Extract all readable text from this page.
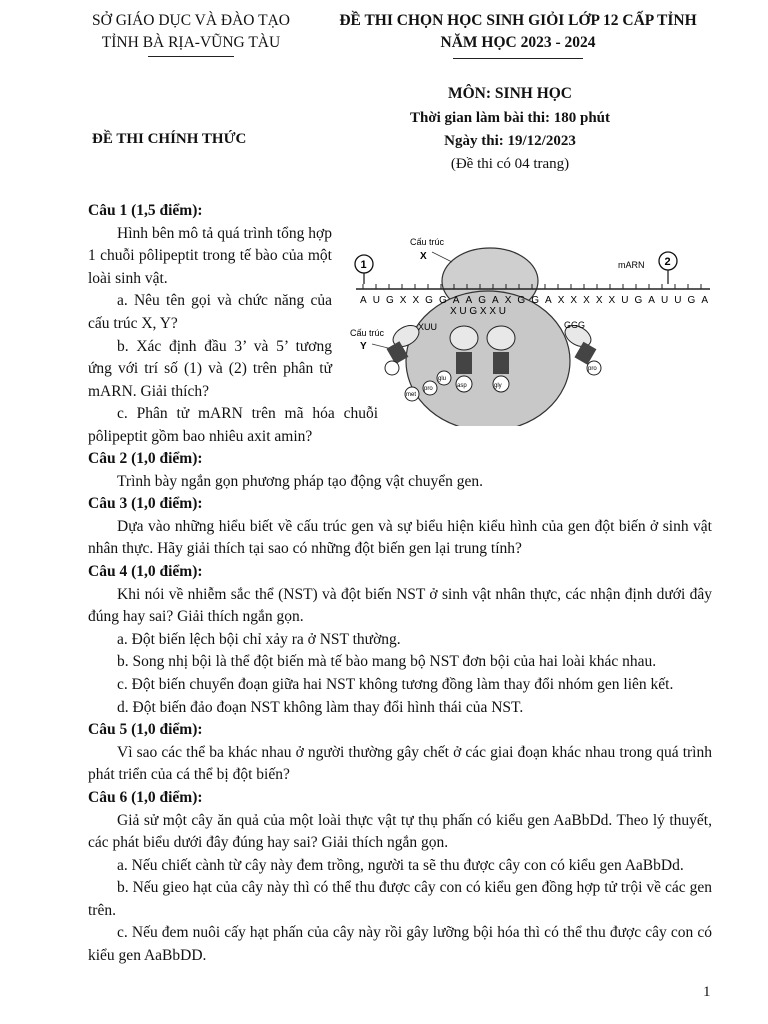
SỞ GIÁO DỤC VÀ ĐÀO TẠO
TỈNH BÀ RỊA-VŨNG TÀU
ĐỀ THI CHỌN HỌC SINH GIỎI LỚP 12 CẤP TỈNH
NĂM HỌC 2023 - 2024
ĐỀ THI CHÍNH THỨC
MÔN: SINH HỌC
Thời gian làm bài thi: 180 phút
Ngày thi: 19/12/2023
(Đề thi có 04 trang)
Câu 1 (1,5 điểm):

Hình bên mô tả quá trình tổng hợp 1 chuỗi pôlipeptit trong tế bào của một loài sinh vật.

a. Nêu tên gọi và chức năng của cấu trúc X, Y?

b. Xác định đầu 3’ và 5’ tương ứng với trí số (1) và (2) trên phân tử mARN. Giải thích?

c. Phân tử mARN trên mã hóa chuỗi pôlipeptit gồm bao nhiêu axit amin?

AUGXXGGAAGAXGGAXXXXXUGAUUGA
1	2
Cấu trúc
X
mARN
Cấu trúc
Y
XUGXXU
asp	gly
XUU	GGG
pro
glu
pro
met
Câu 2 (1,0 điểm):

Trình bày ngắn gọn phương pháp tạo động vật chuyển gen.

Câu 3 (1,0 điểm):

Dựa vào những hiểu biết về cấu trúc gen và sự biểu hiện kiểu hình của gen đột biến ở sinh vật nhân thực. Hãy giải thích tại sao có những đột biến gen lại trung tính?

Câu 4 (1,0 điểm):

Khi nói về nhiễm sắc thể (NST) và đột biến NST ở sinh vật nhân thực, các nhận định dưới đây đúng hay sai? Giải thích ngắn gọn.

a. Đột biến lệch bội chỉ xảy ra ở NST thường.

b. Song nhị bội là thể đột biến mà tế bào mang bộ NST đơn bội của hai loài khác nhau.

c. Đột biến chuyển đoạn giữa hai NST không tương đồng làm thay đổi nhóm gen liên kết.

d. Đột biến đảo đoạn NST không làm thay đổi hình thái của NST.

Câu 5 (1,0 điểm):

Vì sao các thể ba khác nhau ở người thường gây chết ở các giai đoạn khác nhau trong quá trình phát triển của cá thể bị đột biến?

Câu 6 (1,0 điểm):

Giả sử một cây ăn quả của một loài thực vật tự thụ phấn có kiểu gen AaBbDd. Theo lý thuyết, các phát biểu dưới đây đúng hay sai? Giải thích ngắn gọn.

a. Nếu chiết cành từ cây này đem trồng, người ta sẽ thu được cây con có kiểu gen AaBbDd.

b. Nếu gieo hạt của cây này thì có thể thu được cây con có kiểu gen đồng hợp tử trội về các gen trên.

c. Nếu đem nuôi cấy hạt phấn của cây này rồi gây lưỡng bội hóa thì có thể thu được cây con có kiểu gen AaBbDD.

1
